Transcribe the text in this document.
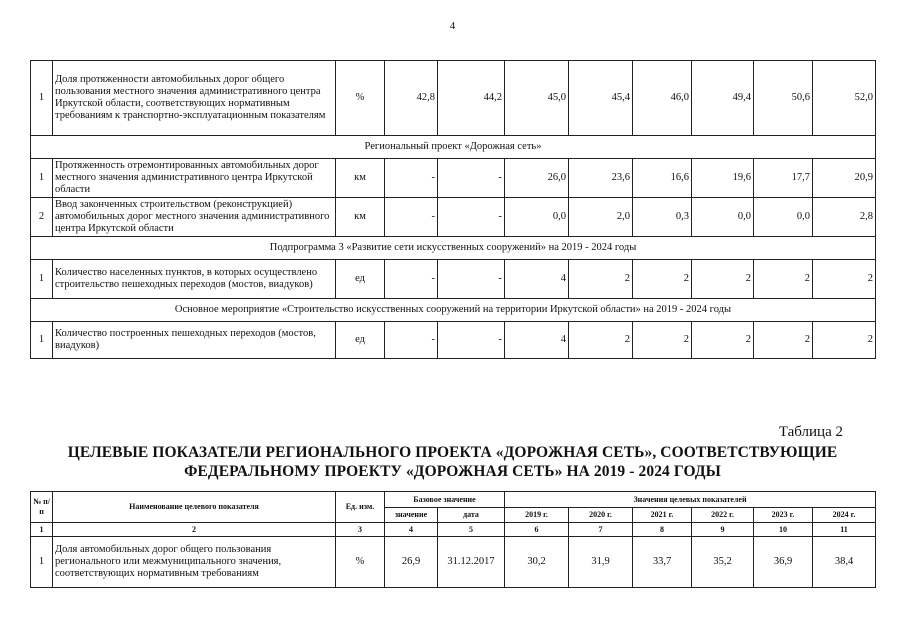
4
1	Доля протяженности автомобильных дорог общего пользования местного значения административного центра Иркутской области, соответствующих нормативным требованиям к транспортно-эксплуатационным показателям	%	42,8	44,2	45,0	45,4	46,0	49,4	50,6	52,0
Региональный проект «Дорожная сеть»										
1	Протяженность отремонтированных автомобильных дорог местного значения административного центра Иркутской области	км	-	-	26,0	23,6	16,6	19,6	17,7	20,9
2	Ввод законченных строительством (реконструкцией) автомобильных дорог местного значения административного центра Иркутской области	км	-	-	0,0	2,0	0,3	0,0	0,0	2,8
Подпрограмма 3 «Развитие сети искусственных сооружений» на 2019 - 2024 годы										
1	Количество населенных пунктов, в которых осуществлено строительство пешеходных переходов (мостов, виадуков)	ед	-	-	4	2	2	2	2	2
Основное мероприятие «Строительство искусственных сооружений на территории Иркутской области» на 2019 - 2024 годы										
1	Количество построенных пешеходных переходов (мостов, виадуков)	ед	-	-	4	2	2	2	2	2
Таблица 2
ЦЕЛЕВЫЕ ПОКАЗАТЕЛИ РЕГИОНАЛЬНОГО ПРОЕКТА «ДОРОЖНАЯ СЕТЬ», СООТВЕТСТВУЮЩИЕ
ФЕДЕРАЛЬНОМУ ПРОЕКТУ «ДОРОЖНАЯ СЕТЬ» НА 2019 - 2024 ГОДЫ
№ п/п	Наименование целевого показателя	Ед. изм.	Базовое значение		Значения целевых показателей					
			значение	дата	2019 г.	2020 г.	2021 г.	2022 г.	2023 г.	2024 г.
1	2	3	4	5	6	7	8	9	10	11
1	Доля автомобильных дорог общего пользования регионального или межмуниципального значения, соответствующих нормативным требованиям	%	26,9	31.12.2017	30,2	31,9	33,7	35,2	36,9	38,4
